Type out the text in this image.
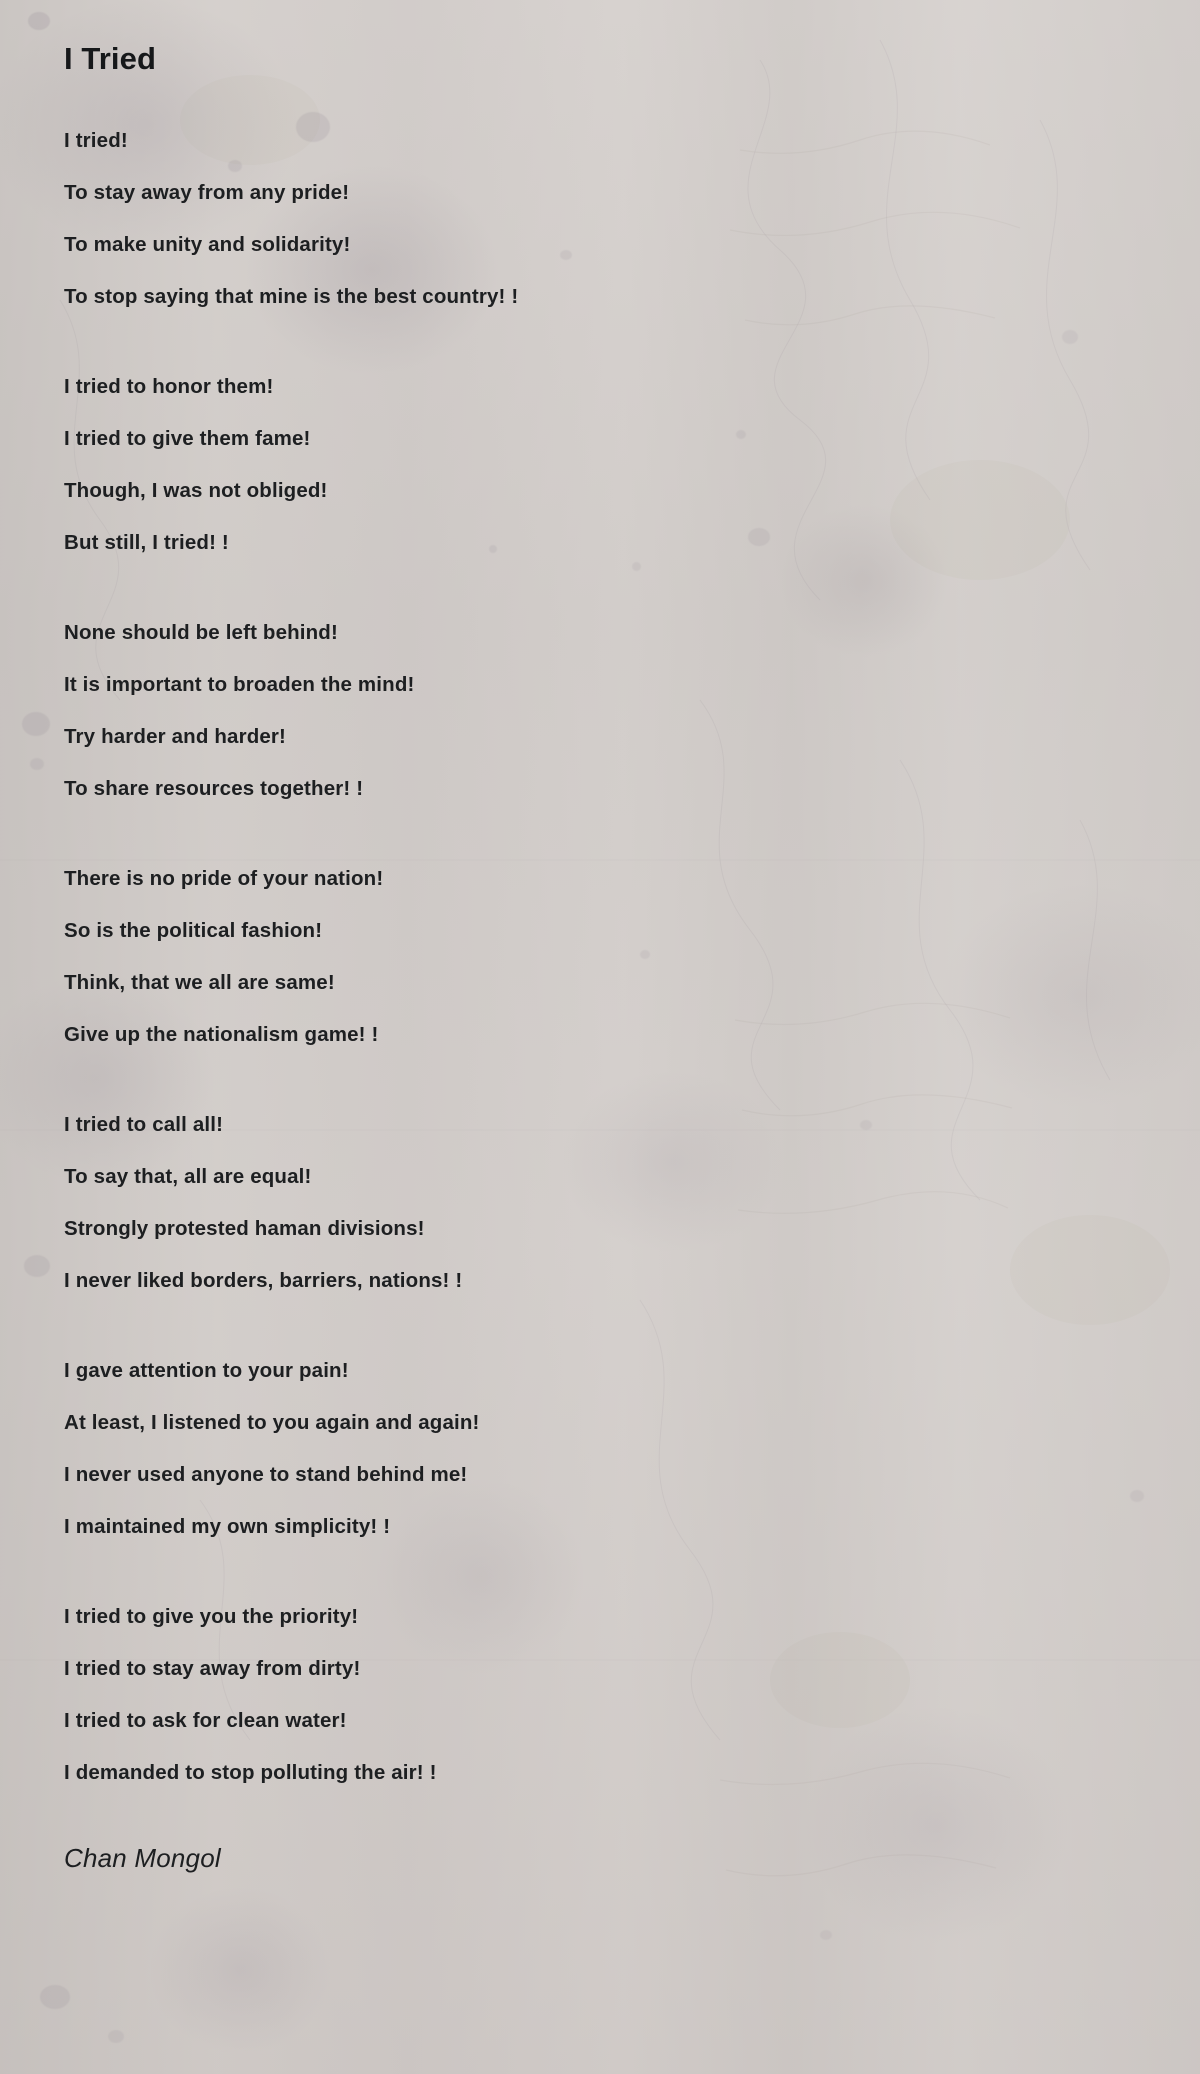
I Tried
I tried!
To stay away from any pride!
To make unity and solidarity!
To stop saying that mine is the best country! !
I tried to honor them!
I tried to give them fame!
Though, I was not obliged!
But still, I tried! !
None should be left behind!
It is important to broaden the mind!
Try harder and harder!
To share resources together! !
There is no pride of your nation!
So is the political fashion!
Think, that we all are same!
Give up the nationalism game! !
I tried to call all!
To say that, all are equal!
Strongly protested haman divisions!
I never liked borders, barriers, nations! !
I gave attention to your pain!
At least, I listened to you again and again!
I never used anyone to stand behind me!
I maintained my own simplicity! !
I tried to give you the priority!
I tried to stay away from dirty!
I tried to ask for clean water!
I demanded to stop polluting the air! !
Chan Mongol
